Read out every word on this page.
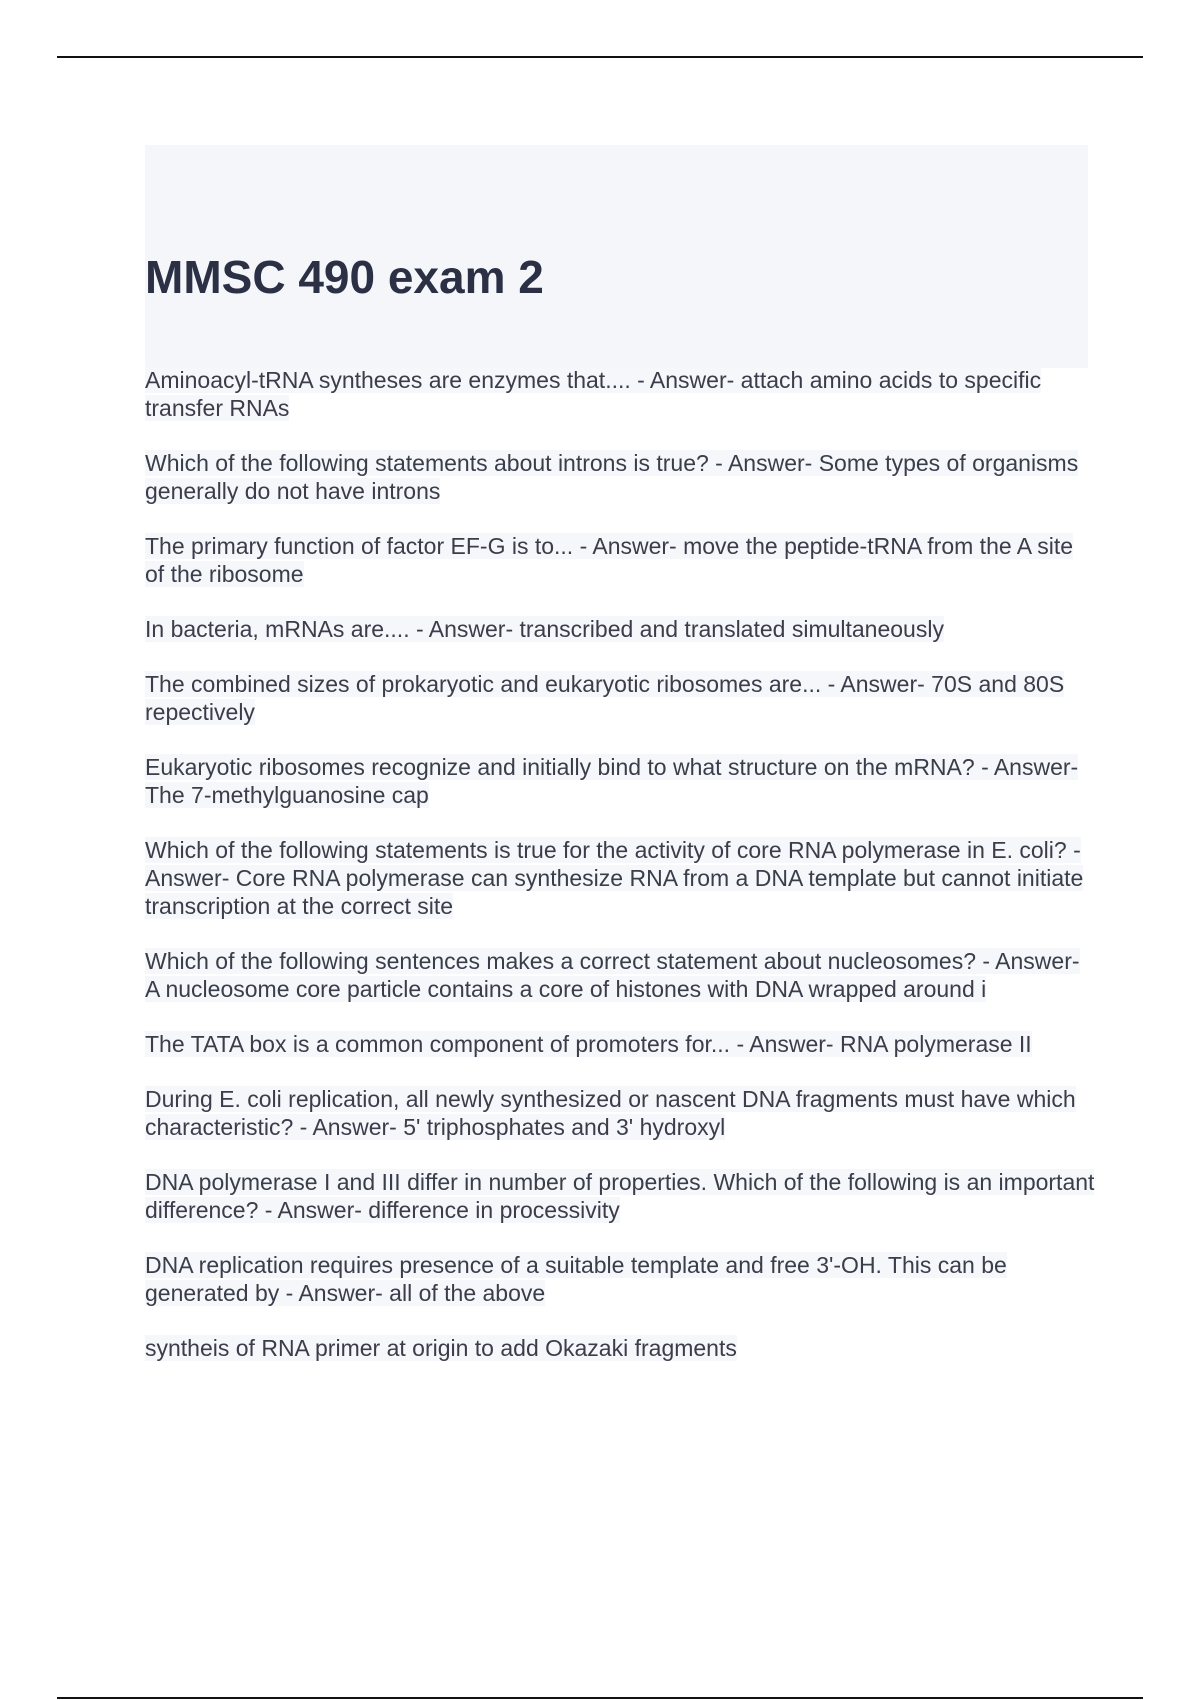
MMSC 490 exam 2
Aminoacyl-tRNA syntheses are enzymes that.... - Answer- attach amino acids to specific transfer RNAs
Which of the following statements about introns is true? - Answer- Some types of organisms generally do not have introns
The primary function of factor EF-G is to... - Answer- move the peptide-tRNA from the A site of the ribosome
In bacteria, mRNAs are.... - Answer- transcribed and translated simultaneously
The combined sizes of prokaryotic and eukaryotic ribosomes are... - Answer- 70S and 80S repectively
Eukaryotic ribosomes recognize and initially bind to what structure on the mRNA? - Answer- The 7-methylguanosine cap
Which of the following statements is true for the activity of core RNA polymerase in E. coli? - Answer- Core RNA polymerase can synthesize RNA from a DNA template but cannot initiate transcription at the correct site
Which of the following sentences makes a correct statement about nucleosomes? - Answer- A nucleosome core particle contains a core of histones with DNA wrapped around i
The TATA box is a common component of promoters for... - Answer- RNA polymerase II
During E. coli replication, all newly synthesized or nascent DNA fragments must have which characteristic? - Answer- 5' triphosphates and 3' hydroxyl
DNA polymerase I and III differ in number of properties. Which of the following is an important difference? - Answer- difference in processivity
DNA replication requires presence of a suitable template and free 3'-OH. This can be generated by - Answer- all of the above
syntheis of RNA primer at origin to add Okazaki fragments
